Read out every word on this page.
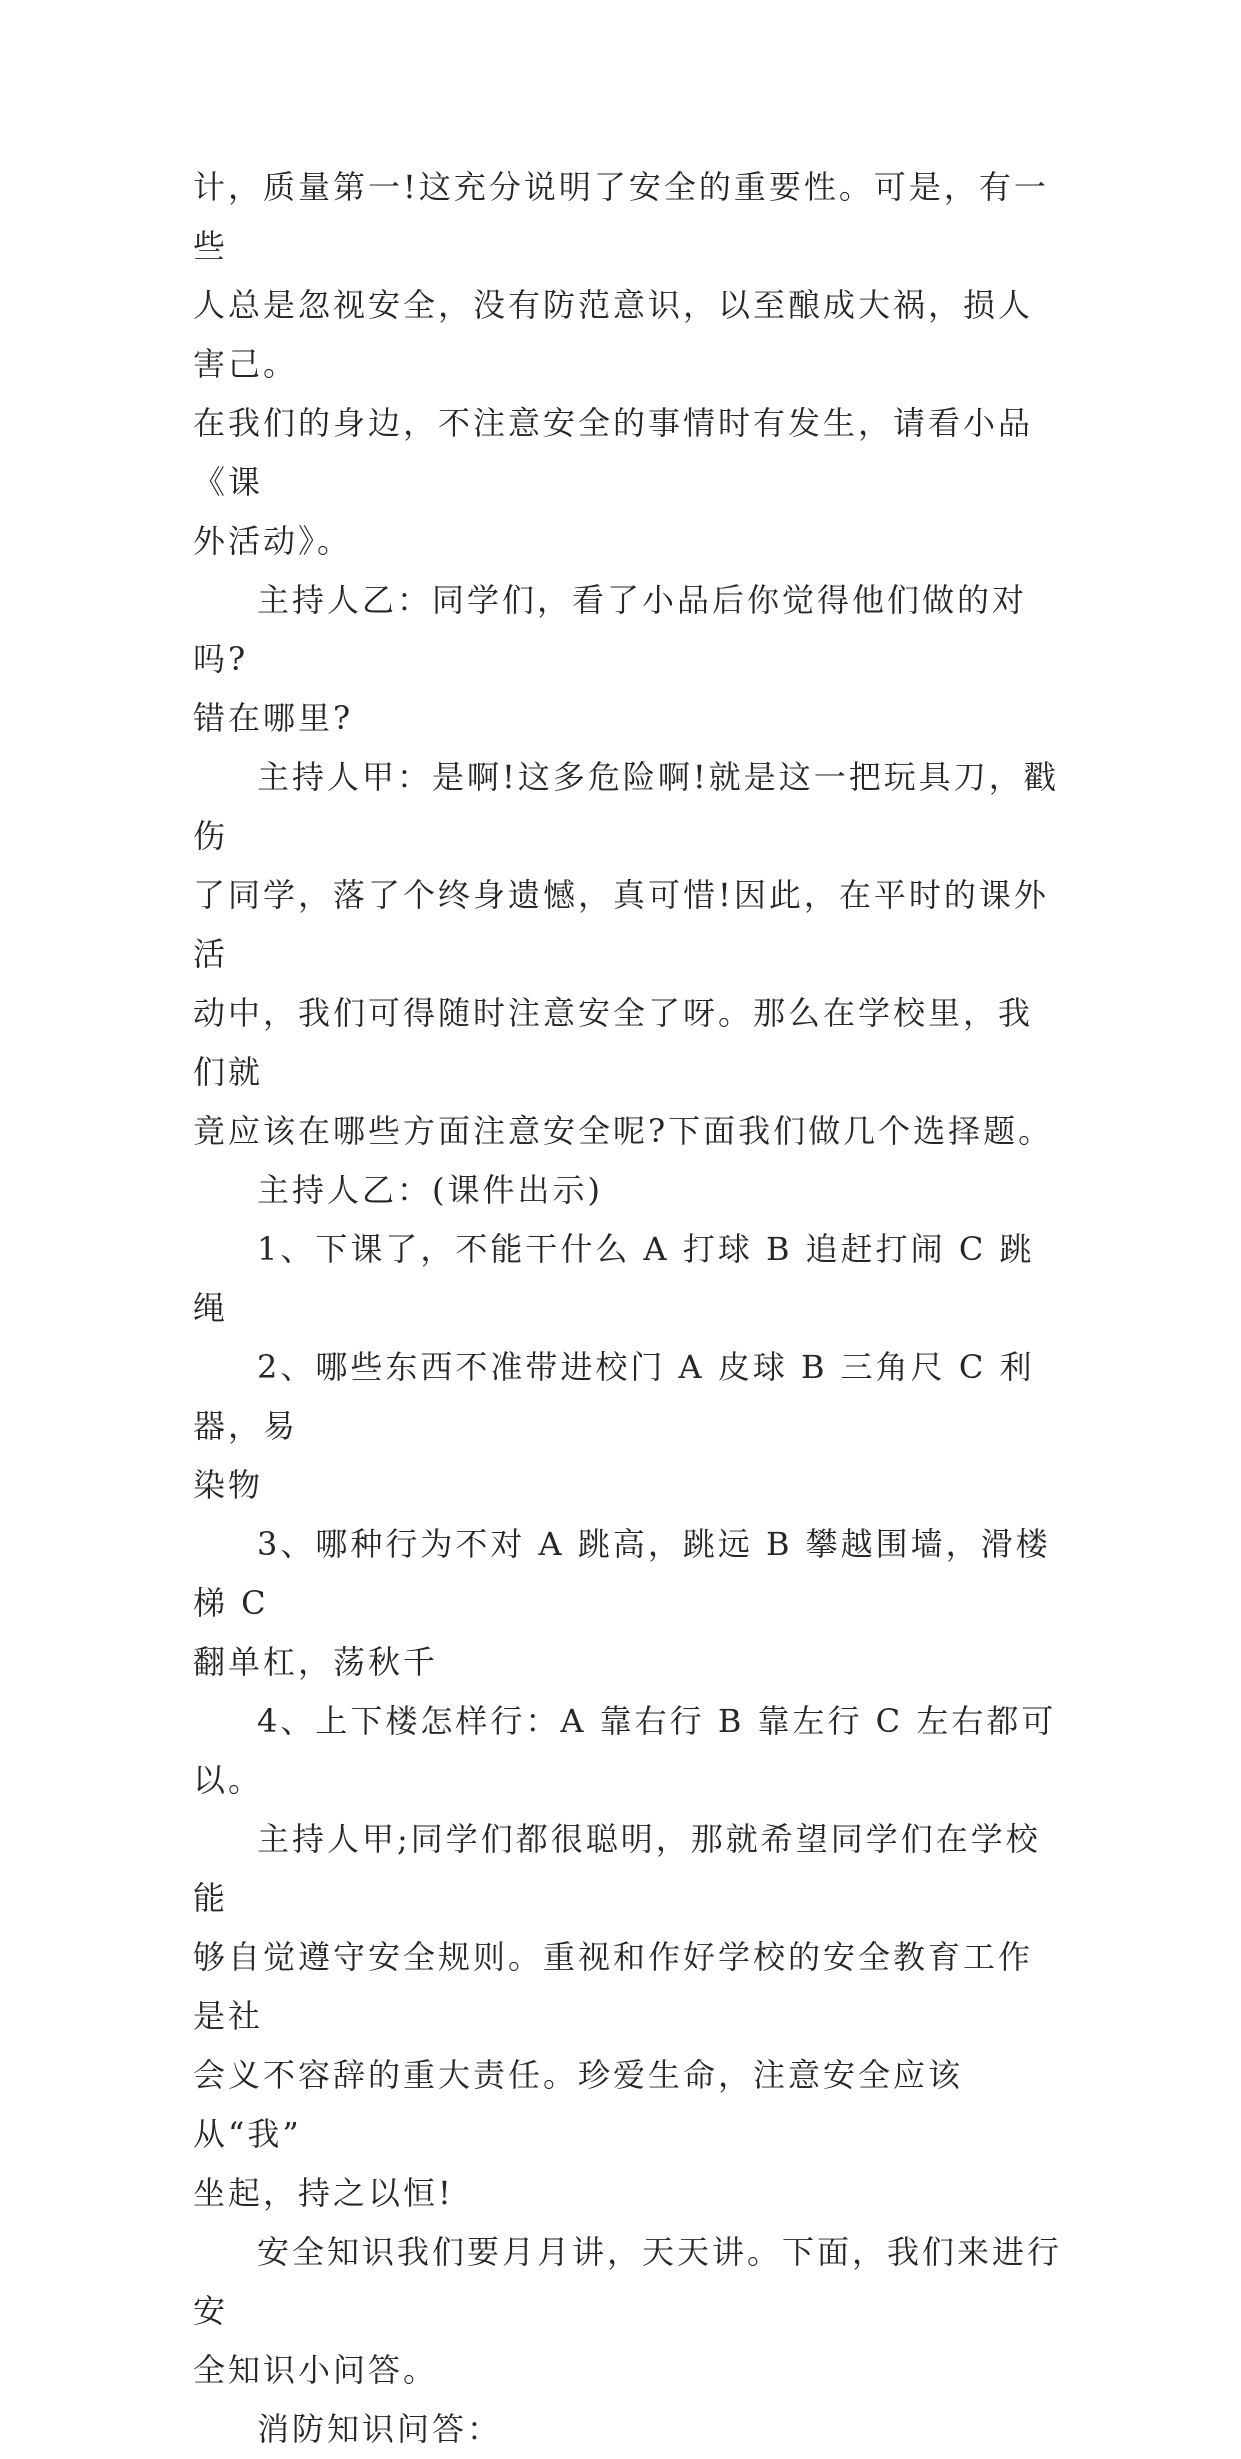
计，质量第一!这充分说明了安全的重要性。可是，有一些
人总是忽视安全，没有防范意识，以至酿成大祸，损人害己。
在我们的身边，不注意安全的事情时有发生，请看小品《课
外活动》。

主持人乙：同学们，看了小品后你觉得他们做的对吗?
错在哪里?

主持人甲：是啊!这多危险啊!就是这一把玩具刀，戳伤
了同学，落了个终身遗憾，真可惜!因此，在平时的课外活
动中，我们可得随时注意安全了呀。那么在学校里，我们就
竟应该在哪些方面注意安全呢?下面我们做几个选择题。

主持人乙：(课件出示)

1、下课了，不能干什么 A 打球 B 追赶打闹 C 跳绳

2、哪些东西不准带进校门 A 皮球 B 三角尺 C 利器，易
染物

3、哪种行为不对 A 跳高，跳远 B 攀越围墙，滑楼梯 C
翻单杠，荡秋千

4、上下楼怎样行：A 靠右行 B 靠左行 C 左右都可以。

主持人甲;同学们都很聪明，那就希望同学们在学校能
够自觉遵守安全规则。重视和作好学校的安全教育工作是社
会义不容辞的重大责任。珍爱生命，注意安全应该从“我”
坐起，持之以恒!

安全知识我们要月月讲，天天讲。下面，我们来进行安
全知识小问答。

消防知识问答：
